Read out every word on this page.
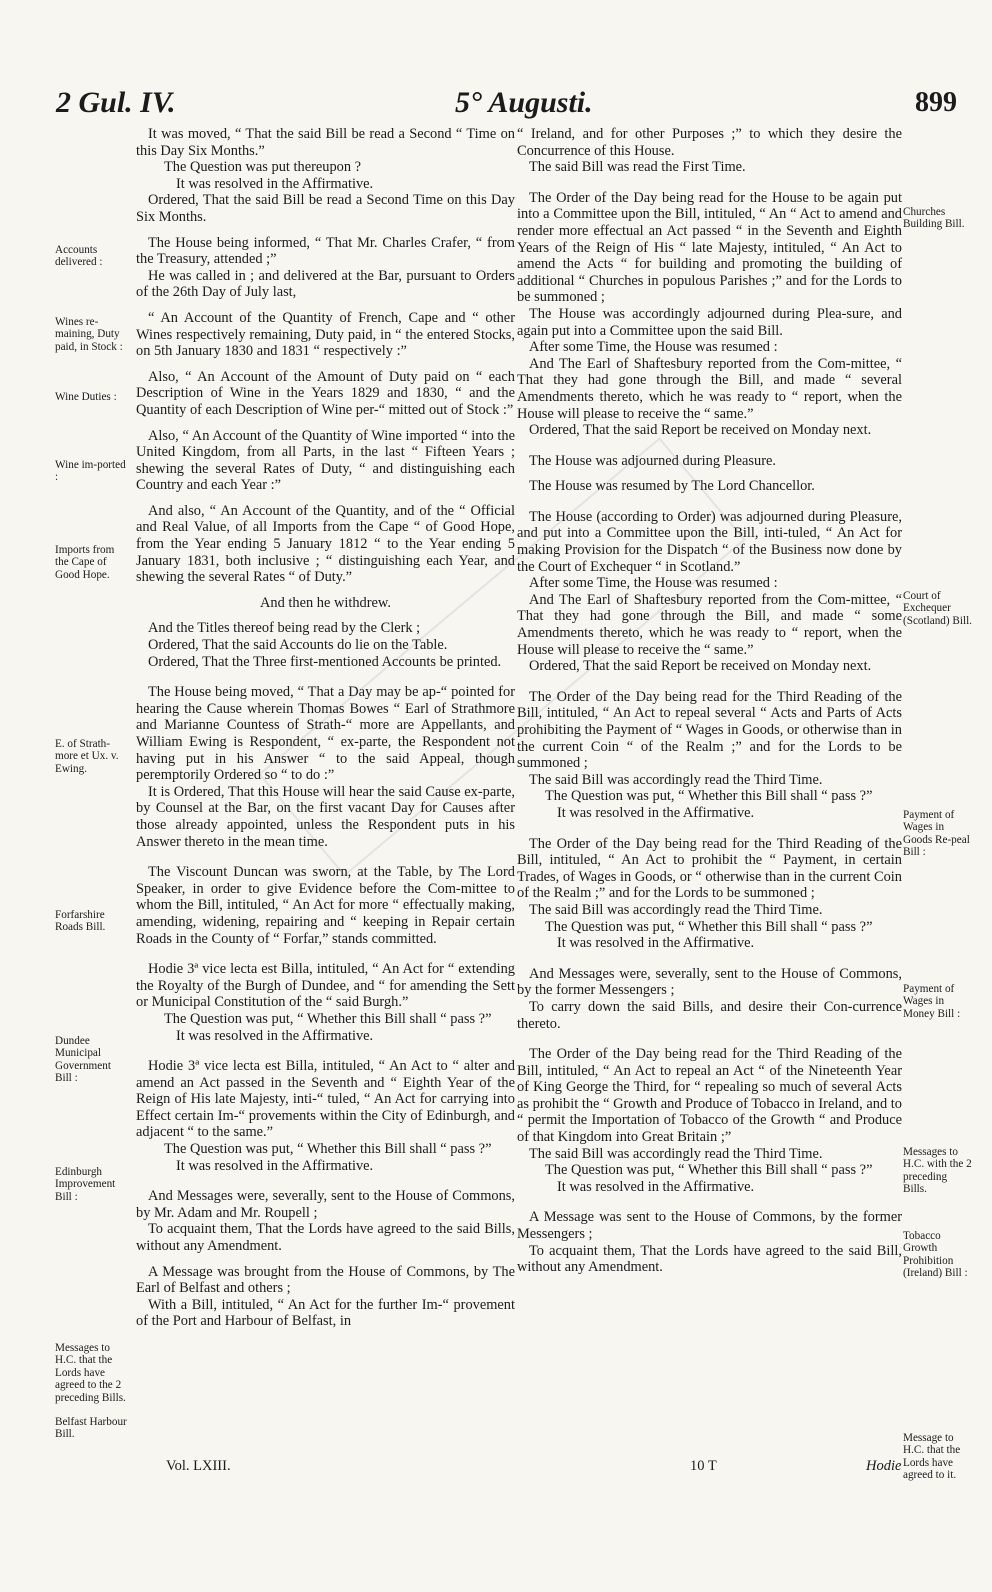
2 Gul. IV.	5° Augusti.	899

It was moved, “ That the said Bill be read a Second “ Time on this Day Six Months.”

The Question was put thereupon ?

It was resolved in the Affirmative.

Ordered, That the said Bill be read a Second Time on this Day Six Months.

The House being informed, “ That Mr. Charles Crafer, “ from the Treasury, attended ;”

He was called in ; and delivered at the Bar, pursuant to Orders of the 26th Day of July last,

“ An Account of the Quantity of French, Cape and “ other Wines respectively remaining, Duty paid, in “ the entered Stocks, on 5th January 1830 and 1831 “ respectively :”

Also, “ An Account of the Amount of Duty paid on “ each Description of Wine in the Years 1829 and 1830, “ and the Quantity of each Description of Wine per-“ mitted out of Stock :”

Also, “ An Account of the Quantity of Wine imported “ into the United Kingdom, from all Parts, in the last “ Fifteen Years ; shewing the several Rates of Duty, “ and distinguishing each Country and each Year :”

And also, “ An Account of the Quantity, and of the “ Official and Real Value, of all Imports from the Cape “ of Good Hope, from the Year ending 5 January 1812 “ to the Year ending 5 January 1831, both inclusive ; “ distinguishing each Year, and shewing the several Rates “ of Duty.”

And then he withdrew.

And the Titles thereof being read by the Clerk ;

Ordered, That the said Accounts do lie on the Table.

Ordered, That the Three first-mentioned Accounts be printed.

The House being moved, “ That a Day may be ap-“ pointed for hearing the Cause wherein Thomas Bowes “ Earl of Strathmore and Marianne Countess of Strath-“ more are Appellants, and William Ewing is Respondent, “ ex-parte, the Respondent not having put in his Answer “ to the said Appeal, though peremptorily Ordered so “ to do :”

It is Ordered, That this House will hear the said Cause ex-parte, by Counsel at the Bar, on the first vacant Day for Causes after those already appointed, unless the Respondent puts in his Answer thereto in the mean time.

The Viscount Duncan was sworn, at the Table, by The Lord Speaker, in order to give Evidence before the Com-mittee to whom the Bill, intituled, “ An Act for more “ effectually making, amending, widening, repairing and “ keeping in Repair certain Roads in the County of “ Forfar,” stands committed.

Hodie 3ª vice lecta est Billa, intituled, “ An Act for “ extending the Royalty of the Burgh of Dundee, and “ for amending the Sett or Municipal Constitution of the “ said Burgh.”

The Question was put, “ Whether this Bill shall “ pass ?”

It was resolved in the Affirmative.

Hodie 3ª vice lecta est Billa, intituled, “ An Act to “ alter and amend an Act passed in the Seventh and “ Eighth Year of the Reign of His late Majesty, inti-“ tuled, “ An Act for carrying into Effect certain Im-“ provements within the City of Edinburgh, and adjacent “ to the same.”

The Question was put, “ Whether this Bill shall “ pass ?”

It was resolved in the Affirmative.

And Messages were, severally, sent to the House of Commons, by Mr. Adam and Mr. Roupell ;

To acquaint them, That the Lords have agreed to the said Bills, without any Amendment.

A Message was brought from the House of Commons, by The Earl of Belfast and others ;

With a Bill, intituled, “ An Act for the further Im-“ provement of the Port and Harbour of Belfast, in

“ Ireland, and for other Purposes ;” to which they desire the Concurrence of this House.

The said Bill was read the First Time.

The Order of the Day being read for the House to be again put into a Committee upon the Bill, intituled, “ An “ Act to amend and render more effectual an Act passed “ in the Seventh and Eighth Years of the Reign of His “ late Majesty, intituled, “ An Act to amend the Acts “ for building and promoting the building of additional “ Churches in populous Parishes ;” and for the Lords to be summoned ;

The House was accordingly adjourned during Plea-sure, and again put into a Committee upon the said Bill.

After some Time, the House was resumed :

And The Earl of Shaftesbury reported from the Com-mittee, “ That they had gone through the Bill, and made “ several Amendments thereto, which he was ready to “ report, when the House will please to receive the “ same.”

Ordered, That the said Report be received on Monday next.

The House was adjourned during Pleasure.

The House was resumed by The Lord Chancellor.

The House (according to Order) was adjourned during Pleasure, and put into a Committee upon the Bill, inti-tuled, “ An Act for making Provision for the Dispatch “ of the Business now done by the Court of Exchequer “ in Scotland.”

After some Time, the House was resumed :

And The Earl of Shaftesbury reported from the Com-mittee, “ That they had gone through the Bill, and made “ some Amendments thereto, which he was ready to “ report, when the House will please to receive the “ same.”

Ordered, That the said Report be received on Monday next.

The Order of the Day being read for the Third Reading of the Bill, intituled, “ An Act to repeal several “ Acts and Parts of Acts prohibiting the Payment of “ Wages in Goods, or otherwise than in the current Coin “ of the Realm ;” and for the Lords to be summoned ;

The said Bill was accordingly read the Third Time.

The Question was put, “ Whether this Bill shall “ pass ?”

It was resolved in the Affirmative.

The Order of the Day being read for the Third Reading of the Bill, intituled, “ An Act to prohibit the “ Payment, in certain Trades, of Wages in Goods, or “ otherwise than in the current Coin of the Realm ;” and for the Lords to be summoned ;

The said Bill was accordingly read the Third Time.

The Question was put, “ Whether this Bill shall “ pass ?”

It was resolved in the Affirmative.

And Messages were, severally, sent to the House of Commons, by the former Messengers ;

To carry down the said Bills, and desire their Con-currence thereto.

The Order of the Day being read for the Third Reading of the Bill, intituled, “ An Act to repeal an Act “ of the Nineteenth Year of King George the Third, for “ repealing so much of several Acts as prohibit the “ Growth and Produce of Tobacco in Ireland, and to “ permit the Importation of Tobacco of the Growth “ and Produce of that Kingdom into Great Britain ;”

The said Bill was accordingly read the Third Time.

The Question was put, “ Whether this Bill shall “ pass ?”

It was resolved in the Affirmative.

A Message was sent to the House of Commons, by the former Messengers ;

To acquaint them, That the Lords have agreed to the said Bill, without any Amendment.

Accounts delivered :
Wines re-maining, Duty paid, in Stock :
Wine Duties :
Wine im-ported :
Imports from the Cape of Good Hope.
E. of Strath-more et Ux. v. Ewing.
Forfarshire Roads Bill.
Dundee Municipal Government Bill :
Edinburgh Improvement Bill :
Messages to H.C. that the Lords have agreed to the 2 preceding Bills.
Belfast Harbour Bill.
Churches Building Bill.
Court of Exchequer (Scotland) Bill.
Payment of Wages in Goods Re-peal Bill :
Payment of Wages in Money Bill :
Messages to H.C. with the 2 preceding Bills.
Tobacco Growth Prohibition (Ireland) Bill :
Message to H.C. that the Lords have agreed to it.
Vol. LXIII.	10 T	Hodie
